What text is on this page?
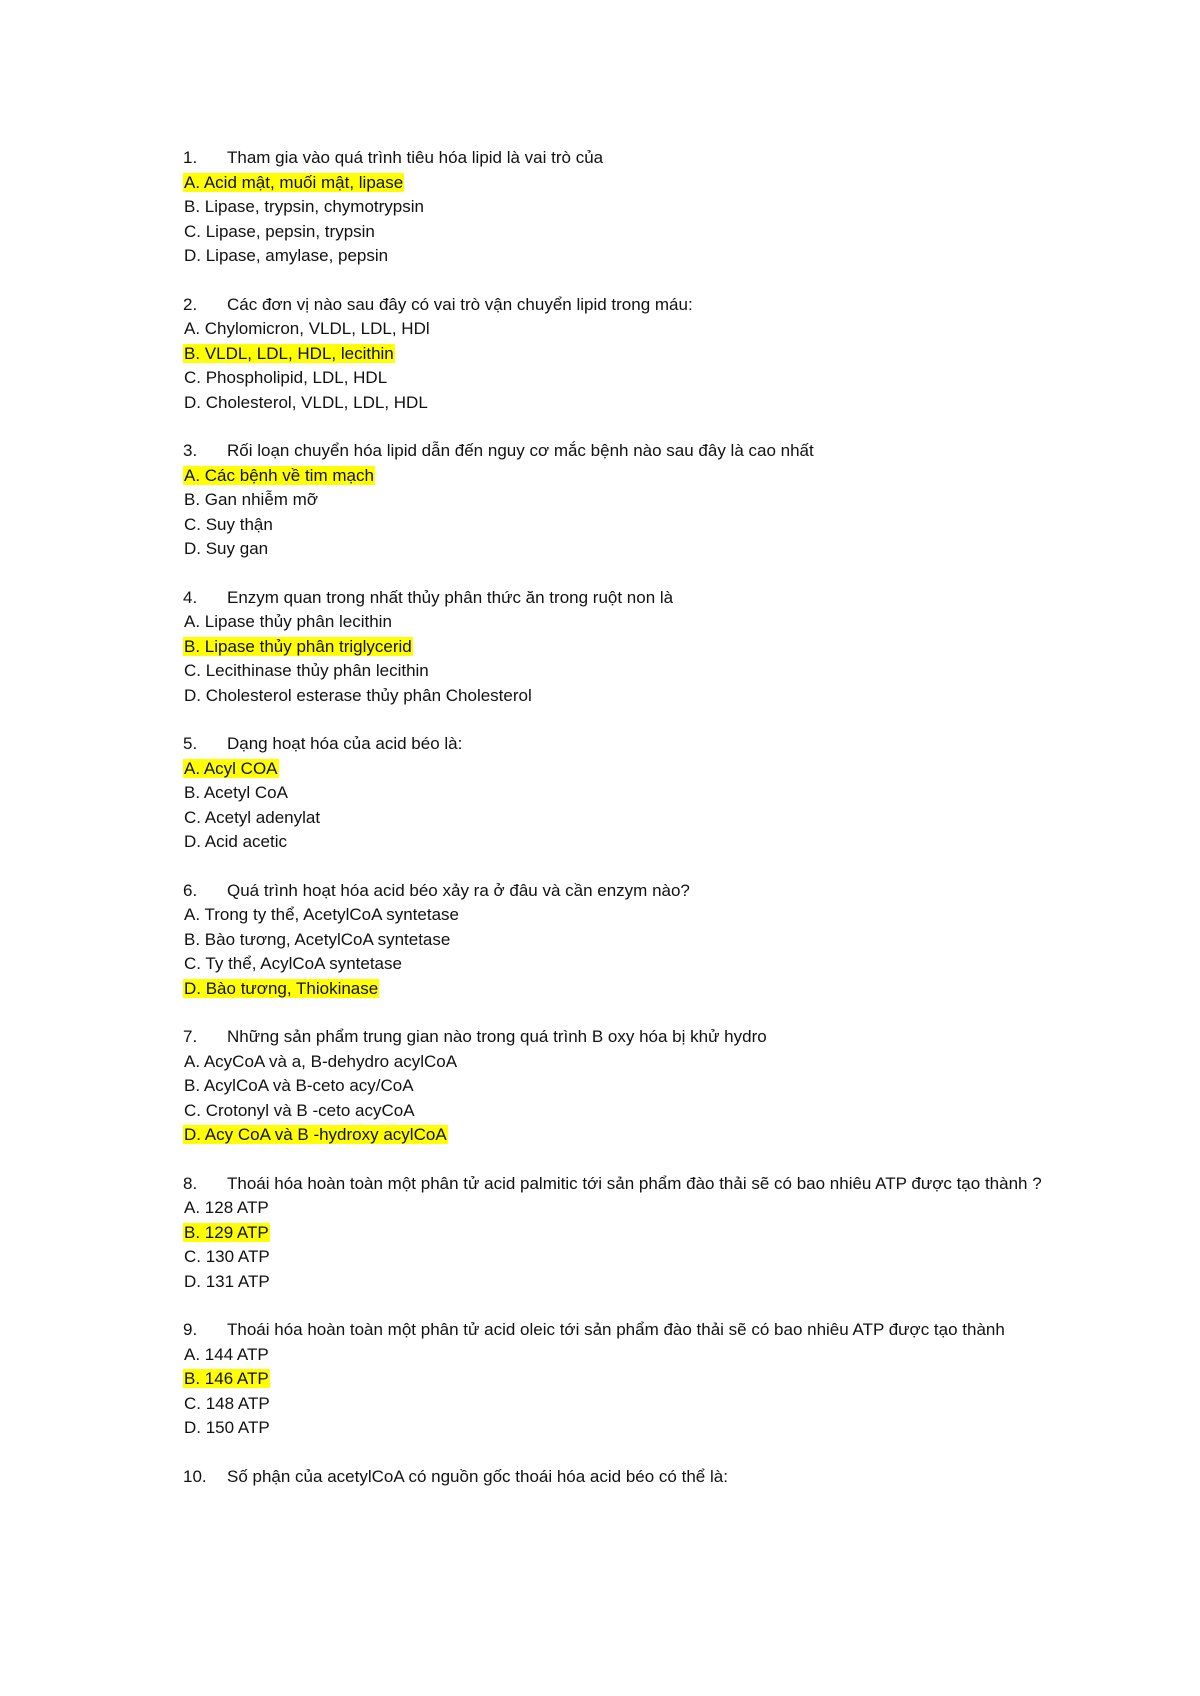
1.	Tham gia vào quá trình tiêu hóa lipid là vai trò của
A. Acid mật, muối mật, lipase
B. Lipase, trypsin, chymotrypsin
C. Lipase, pepsin, trypsin
D. Lipase, amylase, pepsin
2.	Các đơn vị nào sau đây có vai trò vận chuyển lipid trong máu:
A. Chylomicron, VLDL, LDL, HDl
B. VLDL, LDL, HDL, lecithin
C. Phospholipid, LDL, HDL
D. Cholesterol, VLDL, LDL, HDL
3.	Rối loạn chuyển hóa lipid dẫn đến nguy cơ mắc bệnh nào sau đây là cao nhất
A. Các bệnh về tim mạch
B. Gan nhiễm mỡ
C. Suy thận
D. Suy gan
4.	Enzym quan trong nhất thủy phân thức ăn trong ruột non là
A. Lipase thủy phân lecithin
B. Lipase thủy phân triglycerid
C. Lecithinase thủy phân lecithin
D. Cholesterol esterase thủy phân Cholesterol
5.	Dạng hoạt hóa của acid béo là:
A. Acyl COA
B. Acetyl CoA
C. Acetyl adenylat
D. Acid acetic
6.	Quá trình hoạt hóa acid béo xảy ra ở đâu và cần enzym nào?
A. Trong ty thể, AcetylCoA syntetase
B. Bào tương, AcetylCoA syntetase
C. Ty thể, AcylCoA syntetase
D. Bào tương, Thiokinase
7.	Những sản phẩm trung gian nào trong quá trình B oxy hóa bị khử hydro
A. AcyCoA và a, B-dehydro acylCoA
B. AcylCoA và B-ceto acy/CoA
C. Crotonyl và B -ceto acyCoA
D. Acy CoA và B -hydroxy acylCoA
8.	Thoái hóa hoàn toàn một phân tử acid palmitic tới sản phẩm đào thải sẽ có bao nhiêu ATP được tạo thành ?
A. 128 ATP
B. 129 ATP
C. 130 ATP
D. 131 ATP
9.	Thoái hóa hoàn toàn một phân tử acid oleic tới sản phẩm đào thải sẽ có bao nhiêu ATP được tạo thành
A. 144 ATP
B. 146 ATP
C. 148 ATP
D. 150 ATP
10.	Số phận của acetylCoA có nguồn gốc thoái hóa acid béo có thể là:
